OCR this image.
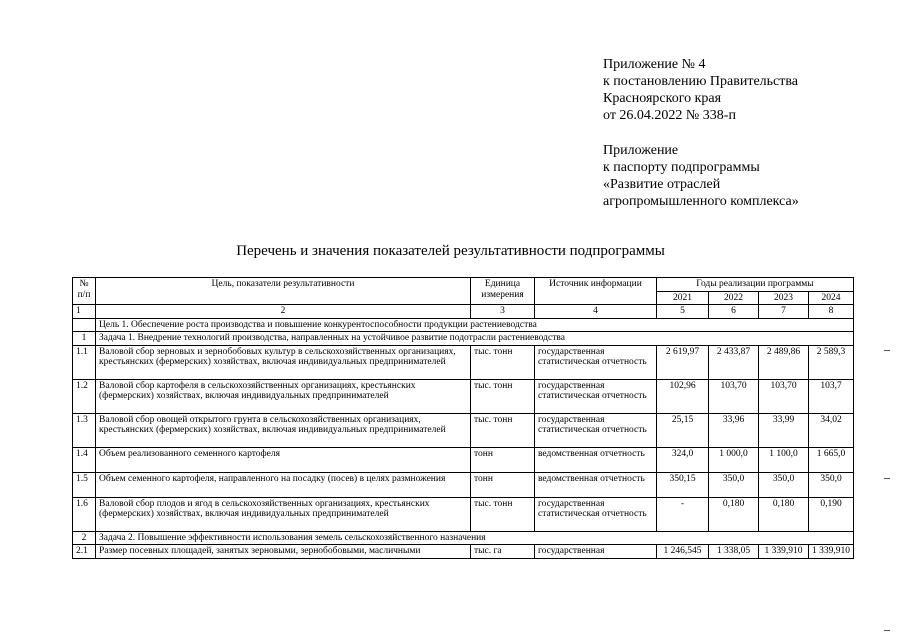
Приложение № 4
к постановлению Правительства
Красноярского края
от 26.04.2022 № 338-п
Приложение
к паспорту подпрограммы
«Развитие отраслей
агропромышленного комплекса»
Перечень и значения показателей результативности подпрограммы
№ п/п	Цель, показатели результативности	Единица измерения	Источник информации	Годы реализации программы			
				2021	2022	2023	2024
1	2	3	4	5	6	7	8
	Цель 1. Обеспечение роста производства и повышение конкурентоспособности продукции растениеводства						
1	Задача 1. Внедрение технологий производства, направленных на устойчивое развитие подотрасли растениеводства						
1.1	Валовой сбор зерновых и зернобобовых культур в сельскохозяйственных организациях, крестьянских (фермерских) хозяйствах, включая индивидуальных предпринимателей	тыс. тонн	государственная статистическая отчетность	2 619,97	2 433,87	2 489,86	2 589,3
1.2	Валовой сбор картофеля в сельскохозяйственных организациях, крестьянских (фермерских) хозяйствах, включая индивидуальных предпринимателей	тыс. тонн	государственная статистическая отчетность	102,96	103,70	103,70	103,7
1.3	Валовой сбор овощей открытого грунта в сельскохозяйственных организациях, крестьянских (фермерских) хозяйствах, включая индивидуальных предпринимателей	тыс. тонн	государственная статистическая отчетность	25,15	33,96	33,99	34,02
1.4	Объем реализованного семенного картофеля	тонн	ведомственная отчетность	324,0	1 000,0	1 100,0	1 665,0
1.5	Объем семенного картофеля, направленного на посадку (посев) в целях размножения	тонн	ведомственная отчетность	350,15	350,0	350,0	350,0
1.6	Валовой сбор плодов и ягод в сельскохозяйственных организациях, крестьянских (фермерских) хозяйствах, включая индивидуальных предпринимателей	тыс. тонн	государственная статистическая отчетность	-	0,180	0,180	0,190
2	Задача 2. Повышение эффективности использования земель сельскохозяйственного назначения						
2.1	Размер посевных площадей, занятых зерновыми, зернобобовыми, масличными	тыс. га	государственная	1 246,545	1 338,05	1 339,910	1 339,910
